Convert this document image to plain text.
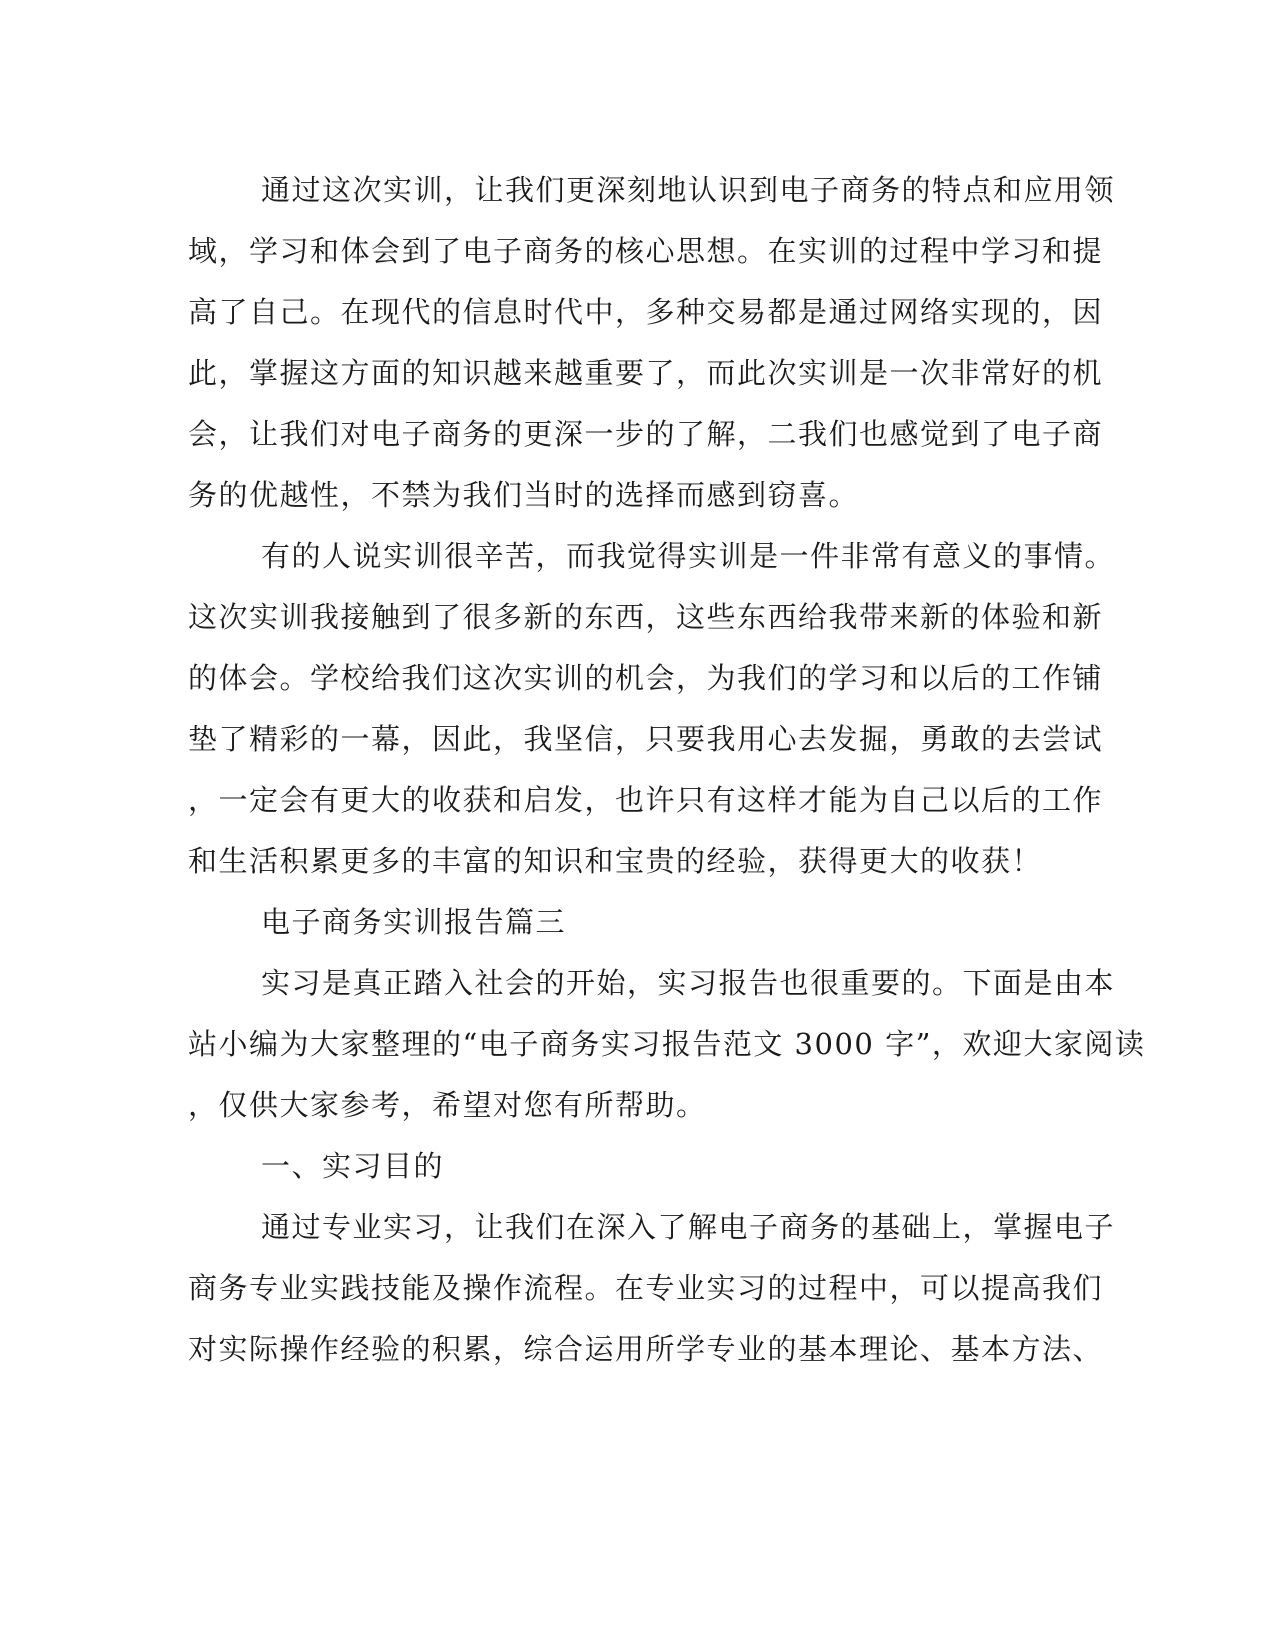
通过这次实训，让我们更深刻地认识到电子商务的特点和应用领

域，学习和体会到了电子商务的核心思想。在实训的过程中学习和提

高了自己。在现代的信息时代中，多种交易都是通过网络实现的，因

此，掌握这方面的知识越来越重要了，而此次实训是一次非常好的机

会，让我们对电子商务的更深一步的了解，二我们也感觉到了电子商

务的优越性，不禁为我们当时的选择而感到窃喜。

有的人说实训很辛苦，而我觉得实训是一件非常有意义的事情。

这次实训我接触到了很多新的东西，这些东西给我带来新的体验和新

的体会。学校给我们这次实训的机会，为我们的学习和以后的工作铺

垫了精彩的一幕，因此，我坚信，只要我用心去发掘，勇敢的去尝试

，一定会有更大的收获和启发，也许只有这样才能为自己以后的工作

和生活积累更多的丰富的知识和宝贵的经验，获得更大的收获！

电子商务实训报告篇三

实习是真正踏入社会的开始，实习报告也很重要的。下面是由本

站小编为大家整理的“电子商务实习报告范文 3000 字”，欢迎大家阅读

，仅供大家参考，希望对您有所帮助。

一、实习目的

通过专业实习，让我们在深入了解电子商务的基础上，掌握电子

商务专业实践技能及操作流程。在专业实习的过程中，可以提高我们

对实际操作经验的积累，综合运用所学专业的基本理论、基本方法、
